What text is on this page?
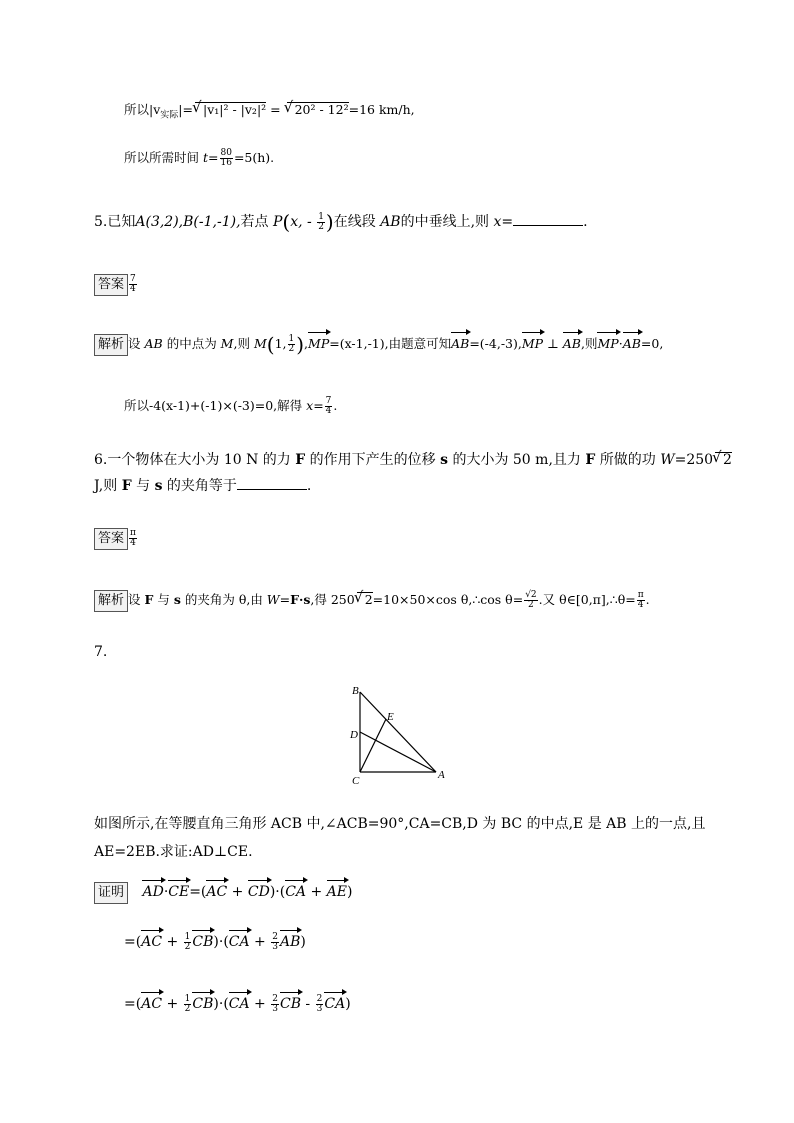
所以$|v_{实际}|=√$ |v₁|² - |v₂|² = √ 20² - 12²=16 km/h,
所以所需时间 $t= \frac{80}{16} =5(h)$.
5.已知A(3,2),B(-1,-1),若点 P(x, - $\frac{1}{2}$ )在线段 AB的中垂线上,则 x=	.
答案 $\frac{7}{4}$
解析 设 AB 的中点为 M,则 M(1, $\frac{1}{2} ),MP=(x-1,-1)$,由题意可知AB=(-4,-3),MP ⊥ AB,则MP·AB=0,
所以-4(x-1)+(-1)×(-3)=0,解得 $x= \frac{7}{4}$ .
6.一个物体在大小为 10 N 的力 F 的作用下产生的位移 s 的大小为 50 m,且力 F 所做的功 W=250√ 2
J,则 F 与 s 的夹角等于	.
答案 $\frac{\pi}{4}$
解析 设 F 与 s 的夹角为 θ,由 W=F·s,得 250√ 2=10×50×cos θ,∴cos $\theta= \frac{√2}{2}$ .又 θ∈[0,π],∴θ= $\frac{\pi}{4}$ .
7.
B
E
D
C	A
如图所示,在等腰直角三角形 ACB 中,∠ACB=90°,CA=CB,D 为 BC 的中点,E 是 AB 上的一点,且
AE=2EB.求证:AD⊥CE.
证明 AD·CE=(AC + CD)·(CA + AE)
$=(AC + \frac{1}{2} CB)\cdot(CA + \frac{2}{3} AB)$
$=(AC + \frac{1}{2} CB)\cdot(CA + \frac{2}{3}$ CB - $\frac{2}{3} CA$)
